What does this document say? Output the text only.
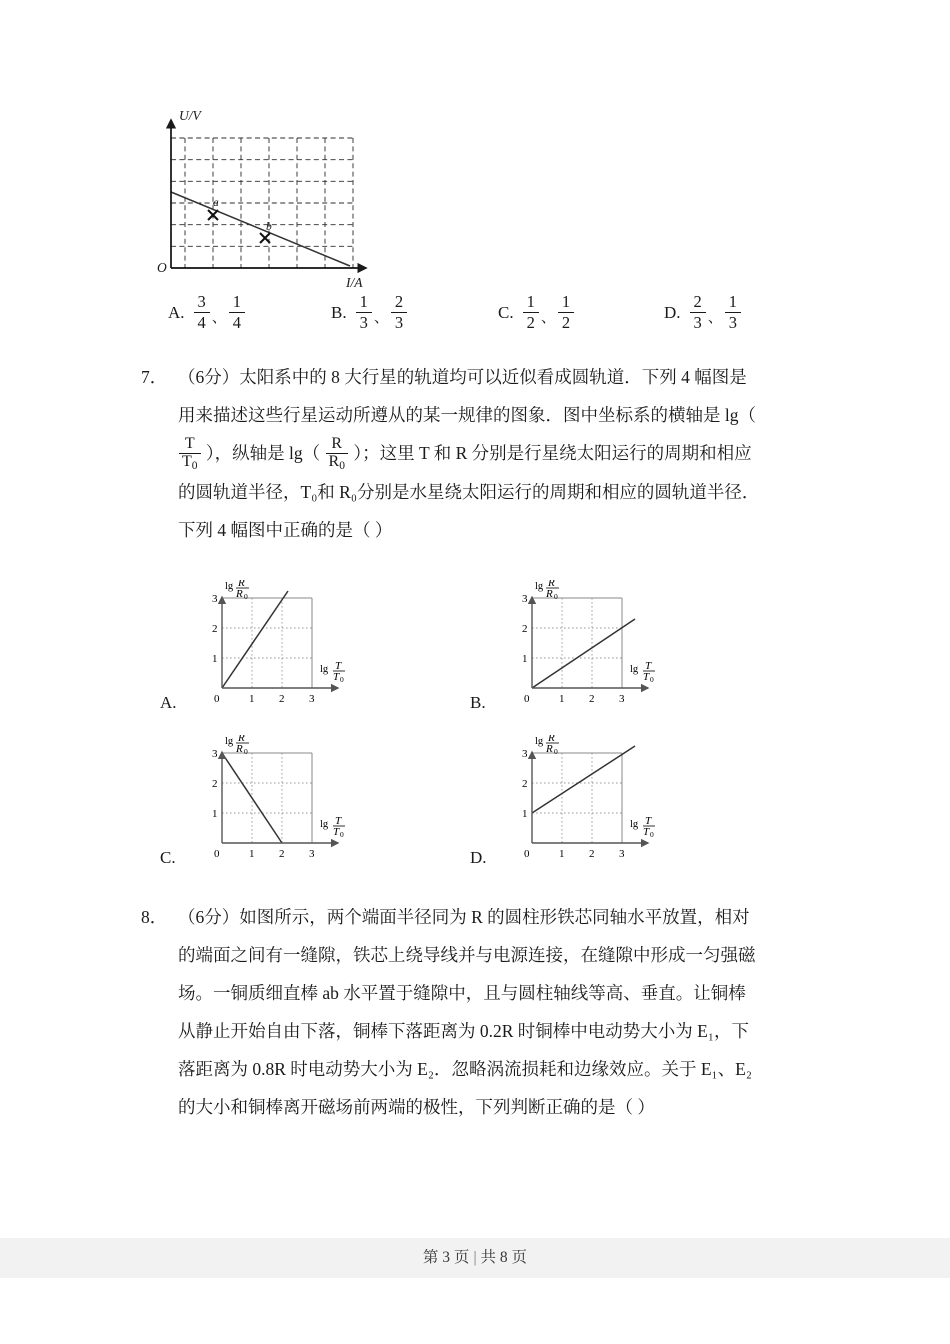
U/V
I/A
O
a
b
A. $\frac{3}{4}$ 、 $\frac{1}{4}$	B. $\frac{1}{3}$ 、 $\frac{2}{3}$	C. $\frac{1}{2}$ 、 $\frac{1}{2}$	D. $\frac{2}{3}$ 、 $\frac{1}{3}$
7． （6分）太阳系中的 8 大行星的轨道均可以近似看成圆轨道．下列 4 幅图是

用来描述这些行星运动所遵从的某一规律的图象．图中坐标系的横轴是 lg（

$\frac{T}{T_0}$ ），纵轴是 $\lg( \frac{R}{R_0}$ ）；这里 T 和 R 分别是行星绕太阳运行的周期和相应

的圆轨道半径，T₀和 R₀分别是水星绕太阳运行的周期和相应的圆轨道半径．

下列 4 幅图中正确的是（ ）

A.	0	1 2 3
1
2
3
lg R
R 0
lg T
T 0
B.	0	1 2 3
1
2
3
lg R
R 0
lg T
T 0
C.	0	1 2 3
1
2
3
lg R
R 0
lg T
T 0
D.	0	1 2 3
1
2
3
lg R
R 0
lg T
T 0
8． （6分）如图所示，两个端面半径同为 R 的圆柱形铁芯同轴水平放置，相对

的端面之间有一缝隙，铁芯上绕导线并与电源连接，在缝隙中形成一匀强磁

场。一铜质细直棒 ab 水平置于缝隙中，且与圆柱轴线等高、垂直。让铜棒

从静止开始自由下落，铜棒下落距离为 0.2R 时铜棒中电动势大小为 E₁，下

落距离为 0.8R 时电动势大小为 E₂．忽略涡流损耗和边缘效应。关于 E₁、E₂

的大小和铜棒离开磁场前两端的极性，下列判断正确的是（ ）

第 3 页 | 共 8 页
